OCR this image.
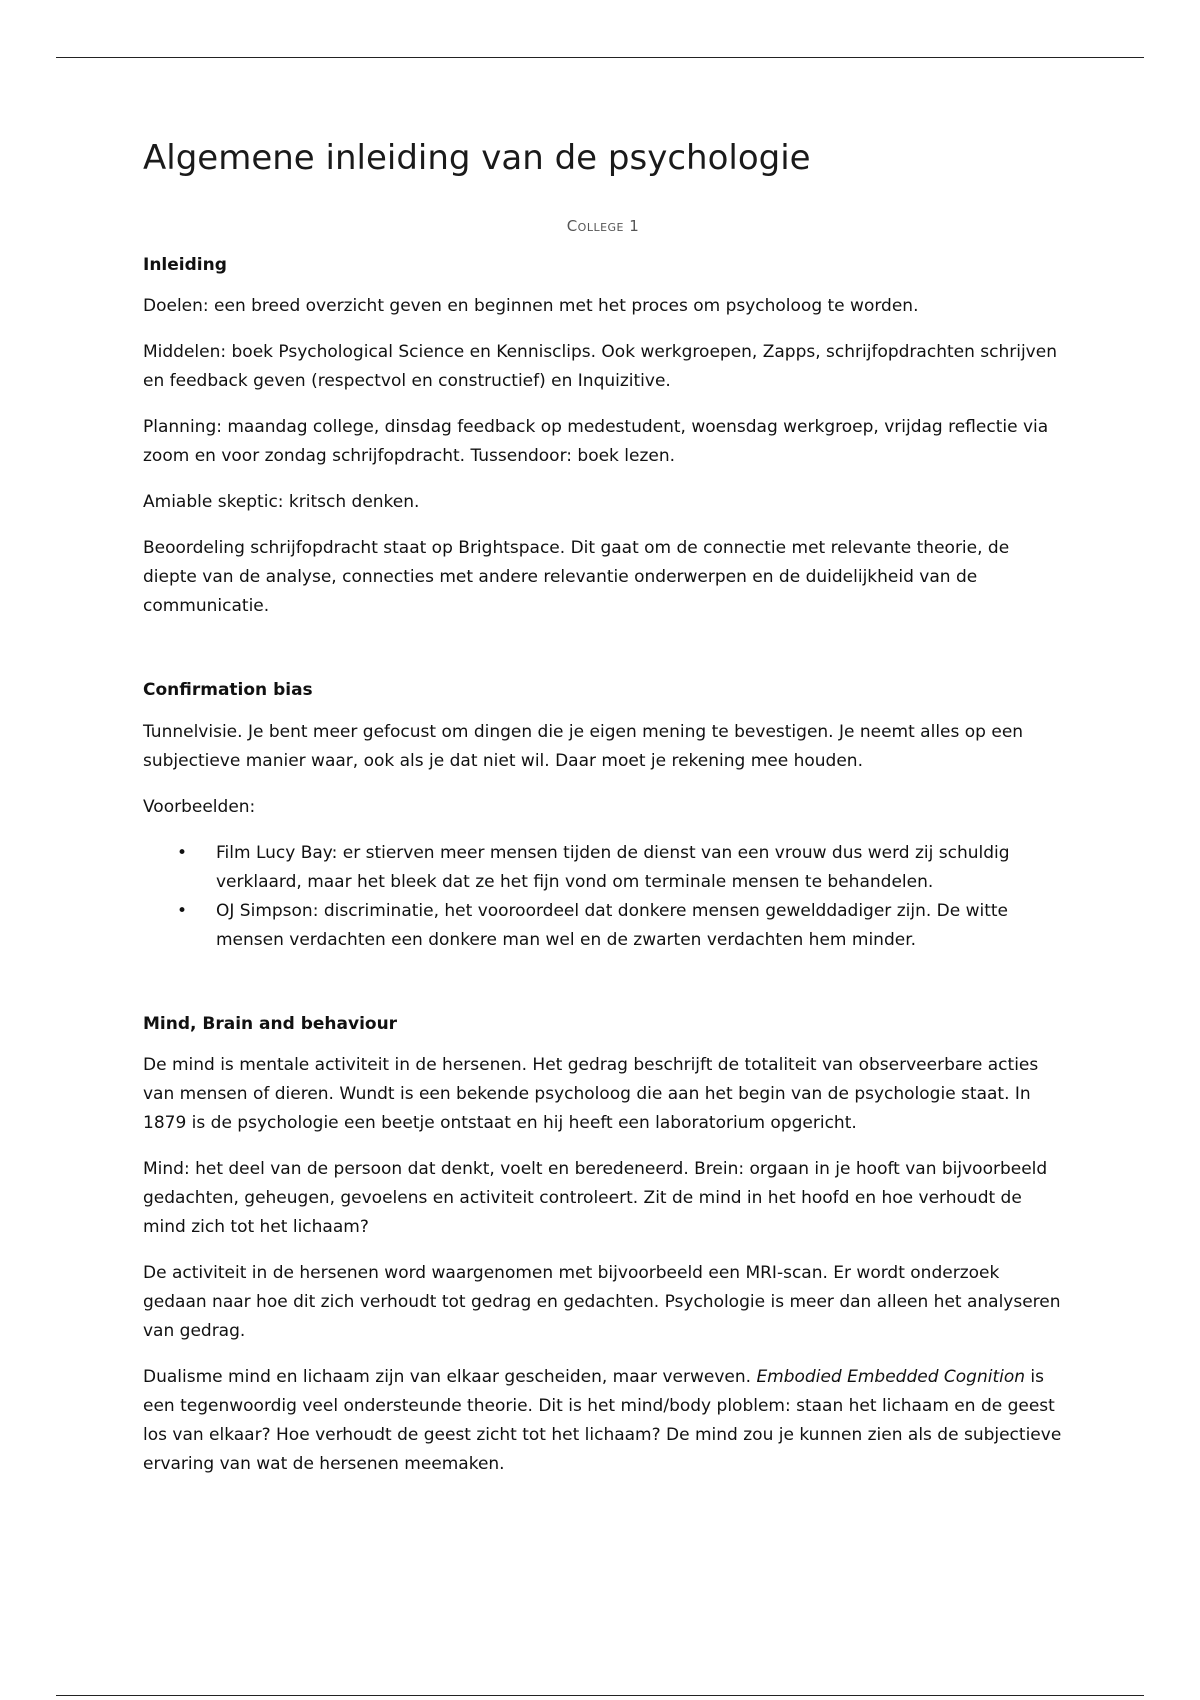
Algemene inleiding van de psychologie
College 1
Inleiding

Doelen: een breed overzicht geven en beginnen met het proces om psycholoog te worden.

Middelen: boek Psychological Science en Kennisclips. Ook werkgroepen, Zapps, schrijfopdrachten schrijven en feedback geven (respectvol en constructief) en Inquizitive.

Planning: maandag college, dinsdag feedback op medestudent, woensdag werkgroep, vrijdag reflectie via zoom en voor zondag schrijfopdracht. Tussendoor: boek lezen.

Amiable skeptic: kritsch denken.

Beoordeling schrijfopdracht staat op Brightspace. Dit gaat om de connectie met relevante theorie, de diepte van de analyse, connecties met andere relevantie onderwerpen en de duidelijkheid van de communicatie.

Confirmation bias

Tunnelvisie. Je bent meer gefocust om dingen die je eigen mening te bevestigen. Je neemt alles op een subjectieve manier waar, ook als je dat niet wil. Daar moet je rekening mee houden.

Voorbeelden:

• Film Lucy Bay: er stierven meer mensen tijden de dienst van een vrouw dus werd zij schuldig verklaard, maar het bleek dat ze het fijn vond om terminale mensen te behandelen.
• OJ Simpson: discriminatie, het vooroordeel dat donkere mensen gewelddadiger zijn. De witte mensen verdachten een donkere man wel en de zwarten verdachten hem minder.
Mind, Brain and behaviour

De mind is mentale activiteit in de hersenen. Het gedrag beschrijft de totaliteit van observeerbare acties van mensen of dieren. Wundt is een bekende psycholoog die aan het begin van de psychologie staat. In 1879 is de psychologie een beetje ontstaat en hij heeft een laboratorium opgericht.

Mind: het deel van de persoon dat denkt, voelt en beredeneerd. Brein: orgaan in je hooft van bijvoorbeeld gedachten, geheugen, gevoelens en activiteit controleert. Zit de mind in het hoofd en hoe verhoudt de mind zich tot het lichaam?

De activiteit in de hersenen word waargenomen met bijvoorbeeld een MRI-scan. Er wordt onderzoek gedaan naar hoe dit zich verhoudt tot gedrag en gedachten. Psychologie is meer dan alleen het analyseren van gedrag.

Dualisme mind en lichaam zijn van elkaar gescheiden, maar verweven. Embodied Embedded Cognition is een tegenwoordig veel ondersteunde theorie. Dit is het mind/body ploblem: staan het lichaam en de geest los van elkaar? Hoe verhoudt de geest zicht tot het lichaam? De mind zou je kunnen zien als de subjectieve ervaring van wat de hersenen meemaken.
